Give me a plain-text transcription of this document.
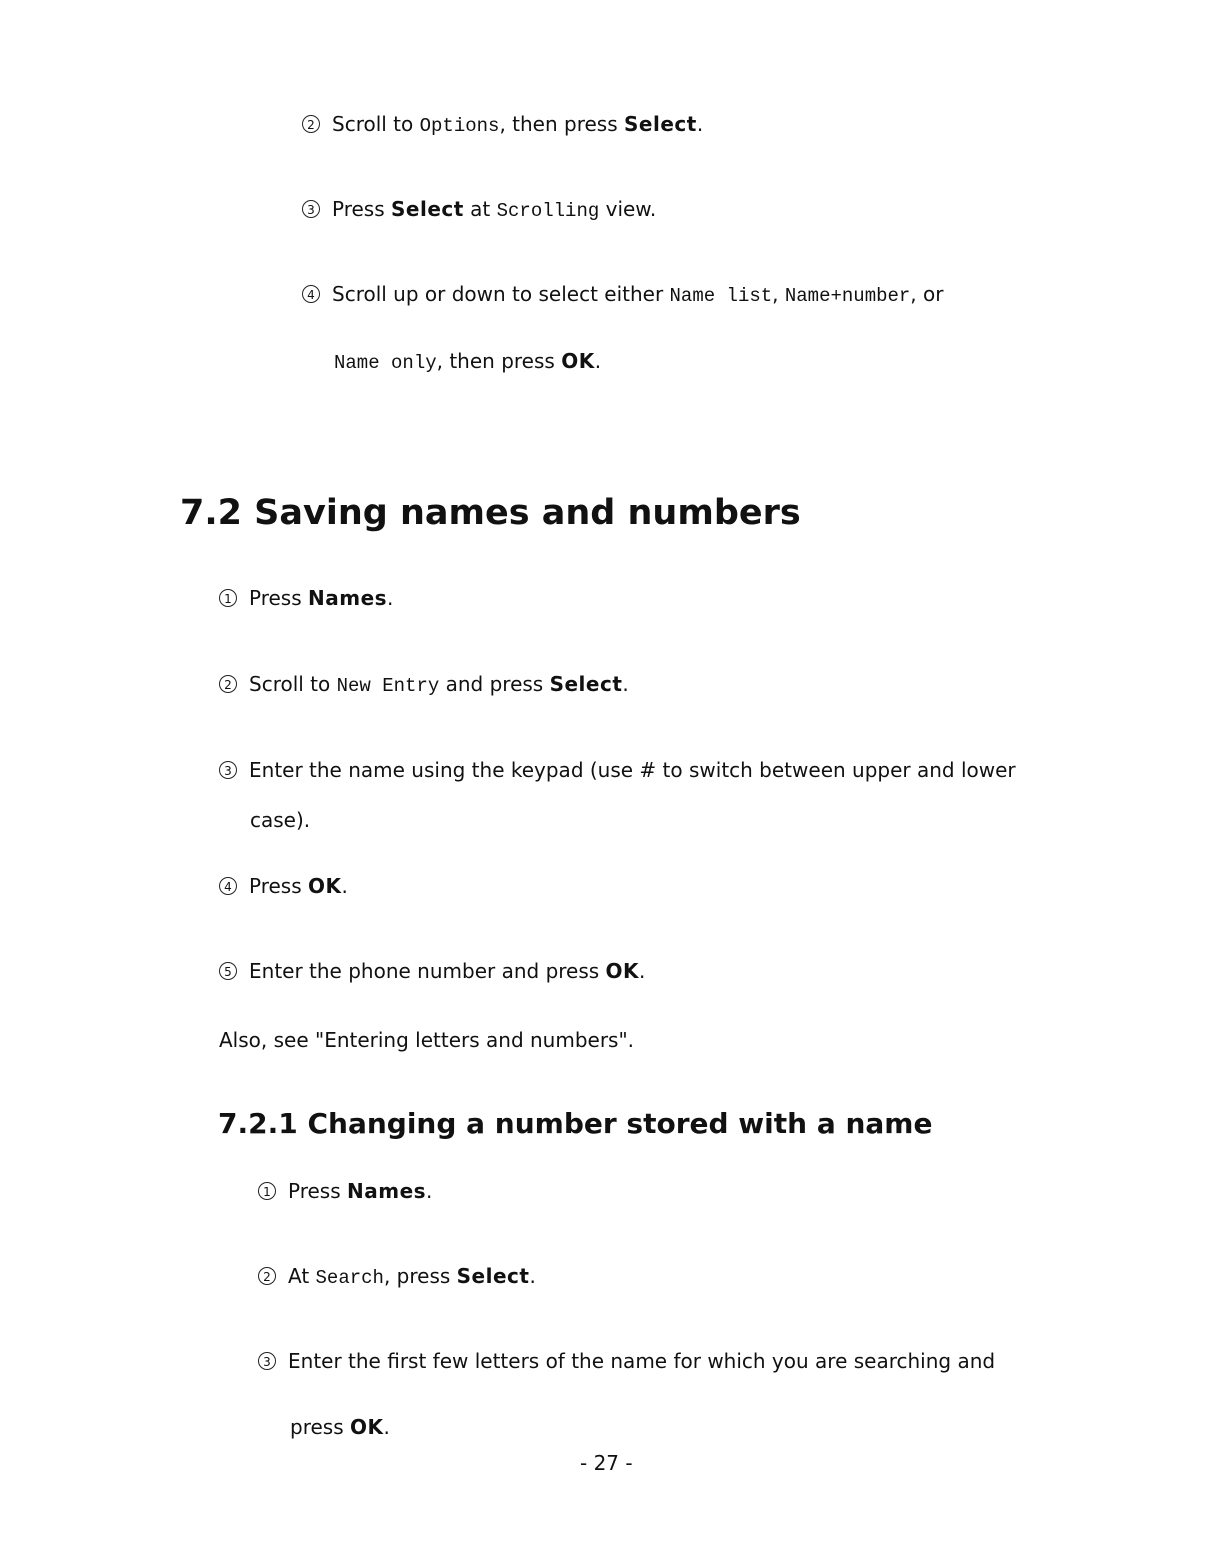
2 Scroll to Options, then press Select.
3 Press Select at Scrolling view.
4 Scroll up or down to select either Name list, Name+number, or
Name only, then press OK.
7.2 Saving names and numbers
1 Press Names.
2 Scroll to New Entry and press Select.
3 Enter the name using the keypad (use # to switch between upper and lower
case).
4 Press OK.
5 Enter the phone number and press OK.
Also, see "Entering letters and numbers".
7.2.1 Changing a number stored with a name
1 Press Names.
2 At Search, press Select.
3 Enter the first few letters of the name for which you are searching and
press OK.
- 27 -
